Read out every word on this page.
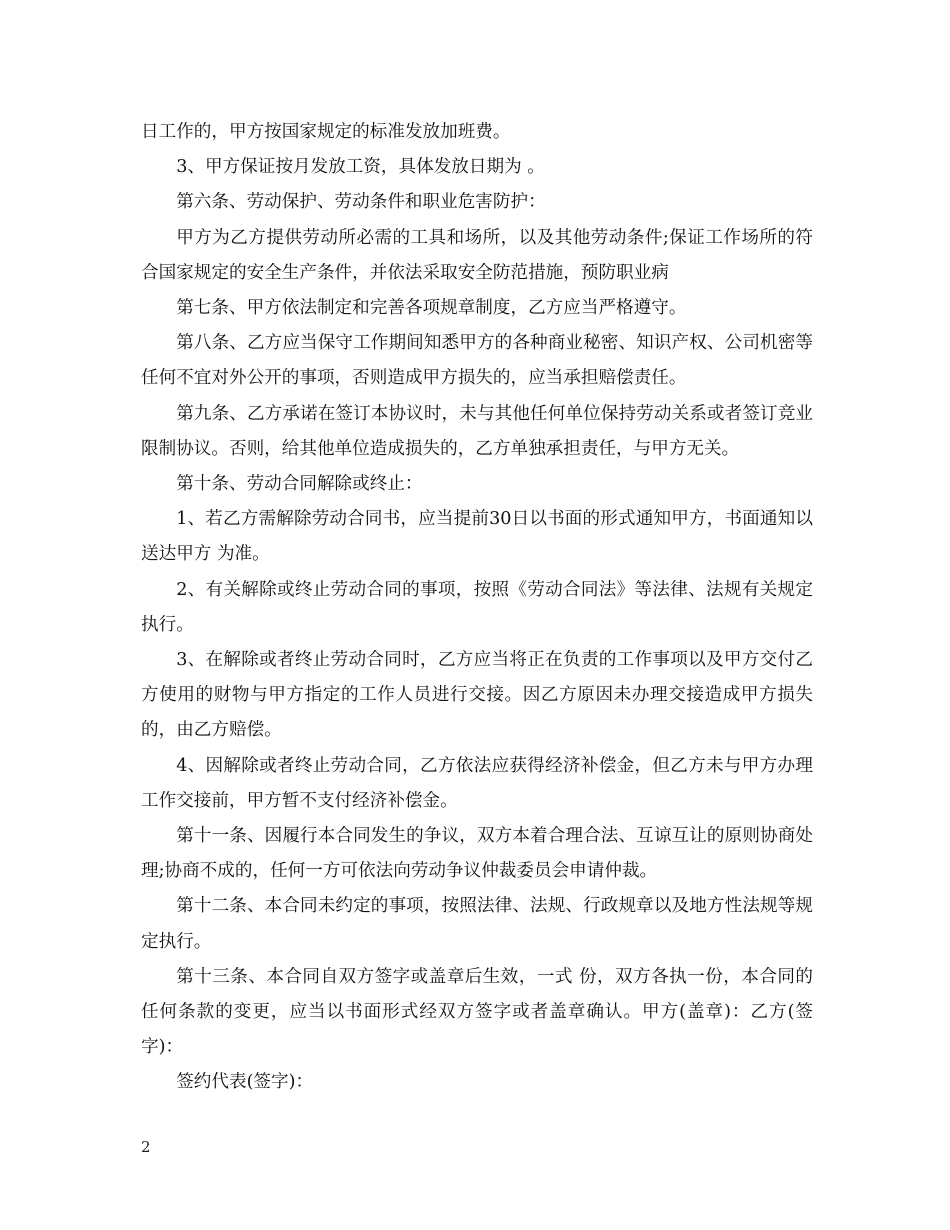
日工作的，甲方按国家规定的标准发放加班费。

3、甲方保证按月发放工资，具体发放日期为 。

第六条、劳动保护、劳动条件和职业危害防护：

甲方为乙方提供劳动所必需的工具和场所，以及其他劳动条件;保证工作场所的符合国家规定的安全生产条件，并依法采取安全防范措施，预防职业病

第七条、甲方依法制定和完善各项规章制度，乙方应当严格遵守。

第八条、乙方应当保守工作期间知悉甲方的各种商业秘密、知识产权、公司机密等任何不宜对外公开的事项，否则造成甲方损失的，应当承担赔偿责任。

第九条、乙方承诺在签订本协议时，未与其他任何单位保持劳动关系或者签订竞业限制协议。否则，给其他单位造成损失的，乙方单独承担责任，与甲方无关。

第十条、劳动合同解除或终止：

1、若乙方需解除劳动合同书，应当提前30日以书面的形式通知甲方，书面通知以送达甲方 为准。

2、有关解除或终止劳动合同的事项，按照《劳动合同法》等法律、法规有关规定执行。

3、在解除或者终止劳动合同时，乙方应当将正在负责的工作事项以及甲方交付乙方使用的财物与甲方指定的工作人员进行交接。因乙方原因未办理交接造成甲方损失的，由乙方赔偿。

4、因解除或者终止劳动合同，乙方依法应获得经济补偿金，但乙方未与甲方办理工作交接前，甲方暂不支付经济补偿金。

第十一条、因履行本合同发生的争议，双方本着合理合法、互谅互让的原则协商处理;协商不成的，任何一方可依法向劳动争议仲裁委员会申请仲裁。

第十二条、本合同未约定的事项，按照法律、法规、行政规章以及地方性法规等规定执行。

第十三条、本合同自双方签字或盖章后生效，一式 份，双方各执一份，本合同的任何条款的变更，应当以书面形式经双方签字或者盖章确认。甲方(盖章)：乙方(签字)：

签约代表(签字)：

2
